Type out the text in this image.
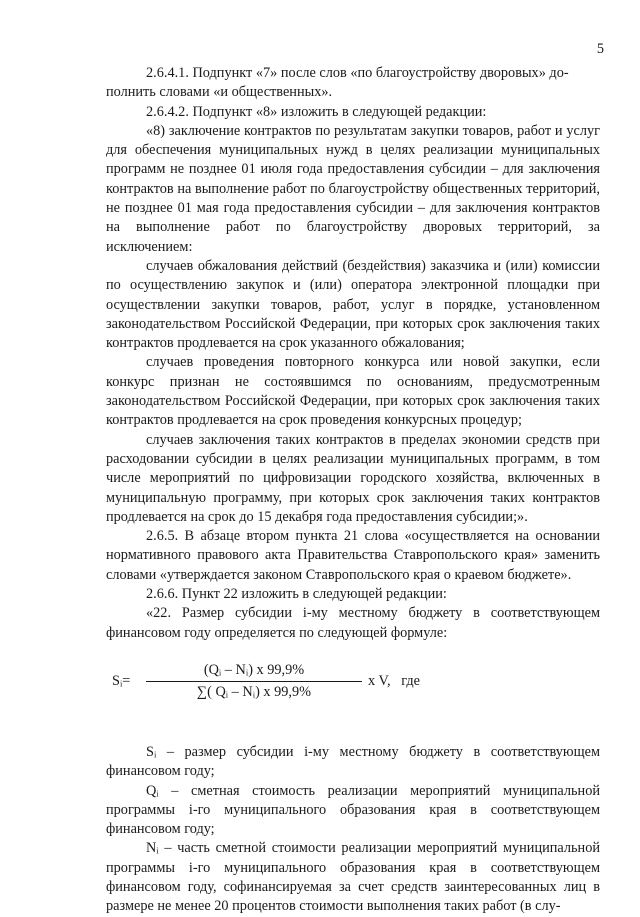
5

2.6.4.1. Подпункт «7» после слов «по благоустройству дворовых» до-

полнить словами «и общественных».

2.6.4.2. Подпункт «8» изложить в следующей редакции:

«8) заключение контрактов по результатам закупки товаров, работ и услуг для обеспечения муниципальных нужд в целях реализации муниципальных программ не позднее 01 июля года предоставления субсидии – для заключения контрактов на выполнение работ по благоустройству общественных территорий, не позднее 01 мая года предоставления субсидии – для заключения контрактов на выполнение работ по благоустройству дворовых территорий, за исключением:

случаев обжалования действий (бездействия) заказчика и (или) комиссии по осуществлению закупок и (или) оператора электронной площадки при осуществлении закупки товаров, работ, услуг в порядке, установленном законодательством Российской Федерации, при которых срок заключения таких контрактов продлевается на срок указанного обжалования;

случаев проведения повторного конкурса или новой закупки, если конкурс признан не состоявшимся по основаниям, предусмотренным законодательством Российской Федерации, при которых срок заключения таких контрактов продлевается на срок проведения конкурсных процедур;

случаев заключения таких контрактов в пределах экономии средств при расходовании субсидии в целях реализации муниципальных программ, в том числе мероприятий по цифровизации городского хозяйства, включенных в муниципальную программу, при которых срок заключения таких контрактов продлевается на срок до 15 декабря года предоставления субсидии;».

2.6.5. В абзаце втором пункта 21 слова «осуществляется на основании нормативного правового акта Правительства Ставропольского края» заменить словами «утверждается законом Ставропольского края о краевом бюджете».

2.6.6. Пункт 22 изложить в следующей редакции:

«22. Размер субсидии i-му местному бюджету в соответствующем финансовом году определяется по следующей формуле:

Sᵢ= $\frac{\text{(Qᵢ – Nᵢ) x 99,9\%}}{\text{∑( Qᵢ – Nᵢ) x 99,9\%}}$ x V,   где

Sᵢ – размер субсидии i-му местному бюджету в соответствующем финансовом году;

Qᵢ – сметная стоимость реализации мероприятий муниципальной программы i-го муниципального образования края в соответствующем финансовом году;

Nᵢ – часть сметной стоимости реализации мероприятий муниципальной программы i-го муниципального образования края в соответствующем финансовом году, софинансируемая за счет средств заинтересованных лиц в размере не менее 20 процентов стоимости выполнения таких работ (в слу-
